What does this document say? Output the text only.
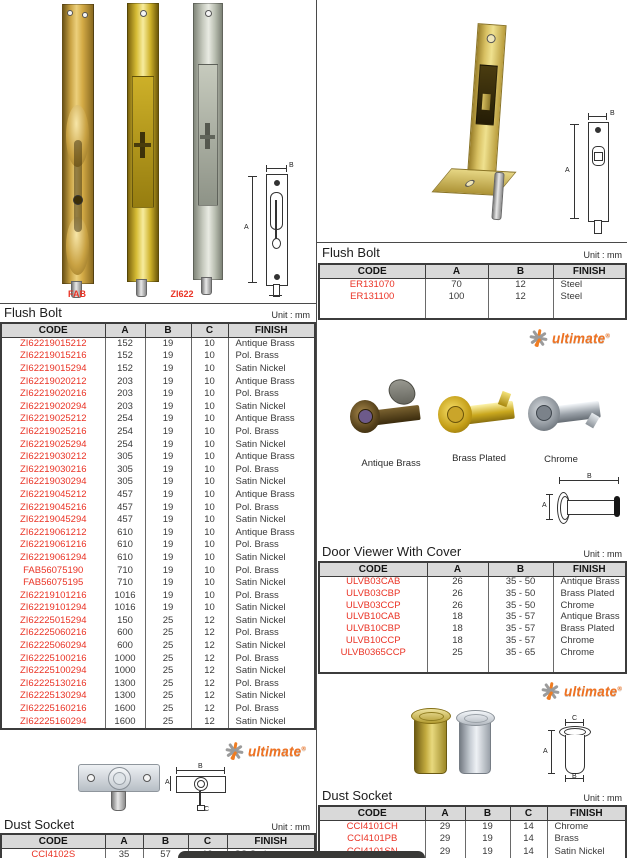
FAB	ZI622
A
B
Flush Bolt	Unit : mm
CODE	A	B	C	FINISH
ZI62219015212	152	19	10	Antique Brass
ZI62219015216	152	19	10	Pol. Brass
ZI62219015294	152	19	10	Satin Nickel
ZI62219020212	203	19	10	Antique Brass
ZI62219020216	203	19	10	Pol. Brass
ZI62219020294	203	19	10	Satin Nickel
ZI62219025212	254	19	10	Antique Brass
ZI62219025216	254	19	10	Pol. Brass
ZI62219025294	254	19	10	Satin Nickel
ZI62219030212	305	19	10	Antique Brass
ZI62219030216	305	19	10	Pol. Brass
ZI62219030294	305	19	10	Satin Nickel
ZI62219045212	457	19	10	Antique Brass
ZI62219045216	457	19	10	Pol. Brass
ZI62219045294	457	19	10	Satin Nickel
ZI62219061212	610	19	10	Antique Brass
ZI62219061216	610	19	10	Pol. Brass
ZI62219061294	610	19	10	Satin Nickel
FAB56075190	710	19	10	Pol. Brass
FAB56075195	710	19	10	Satin Nickel
ZI62219101216	1016	19	10	Pol. Brass
ZI62219101294	1016	19	10	Satin Nickel
ZI62225015294	150	25	12	Satin Nickel
ZI62225060216	600	25	12	Pol. Brass
ZI62225060294	600	25	12	Satin Nickel
ZI62225100216	1000	25	12	Pol. Brass
ZI62225100294	1000	25	12	Satin Nickel
ZI62225130216	1300	25	12	Pol. Brass
ZI62225130294	1300	25	12	Satin Nickel
ZI62225160216	1600	25	12	Pol. Brass
ZI62225160294	1600	25	12	Satin Nickel
ultimate®
B
A
C
Dust Socket	Unit : mm
CODE	A	B	C	FINISH
CCI4102S	35	57		
A
B
Flush Bolt	Unit : mm
CODE	A	B	FINISH
ER131070	70	12	Steel
ER131100	100	12	Steel

ultimate®
Antique Brass	Brass Plated	Chrome
B
A
Door Viewer With Cover	Unit : mm
CODE	A	B	FINISH
ULVB03CAB	26	35 - 50	Antique Brass
ULVB03CBP	26	35 - 50	Brass Plated
ULVB03CCP	26	35 - 50	Chrome
ULVB10CAB	18	35 - 57	Antique Brass
ULVB10CBP	18	35 - 57	Brass Plated
ULVB10CCP	18	35 - 57	Chrome
ULVB0365CCP	25	35 - 65	Chrome

ultimate®
C
A
B
Dust Socket	Unit : mm
CODE	A	B	C	FINISH
CCI4101CH	29	19	14	Chrome
CCI4101PB	29	19	14	Brass
	29	19	14	Satin Nickel
